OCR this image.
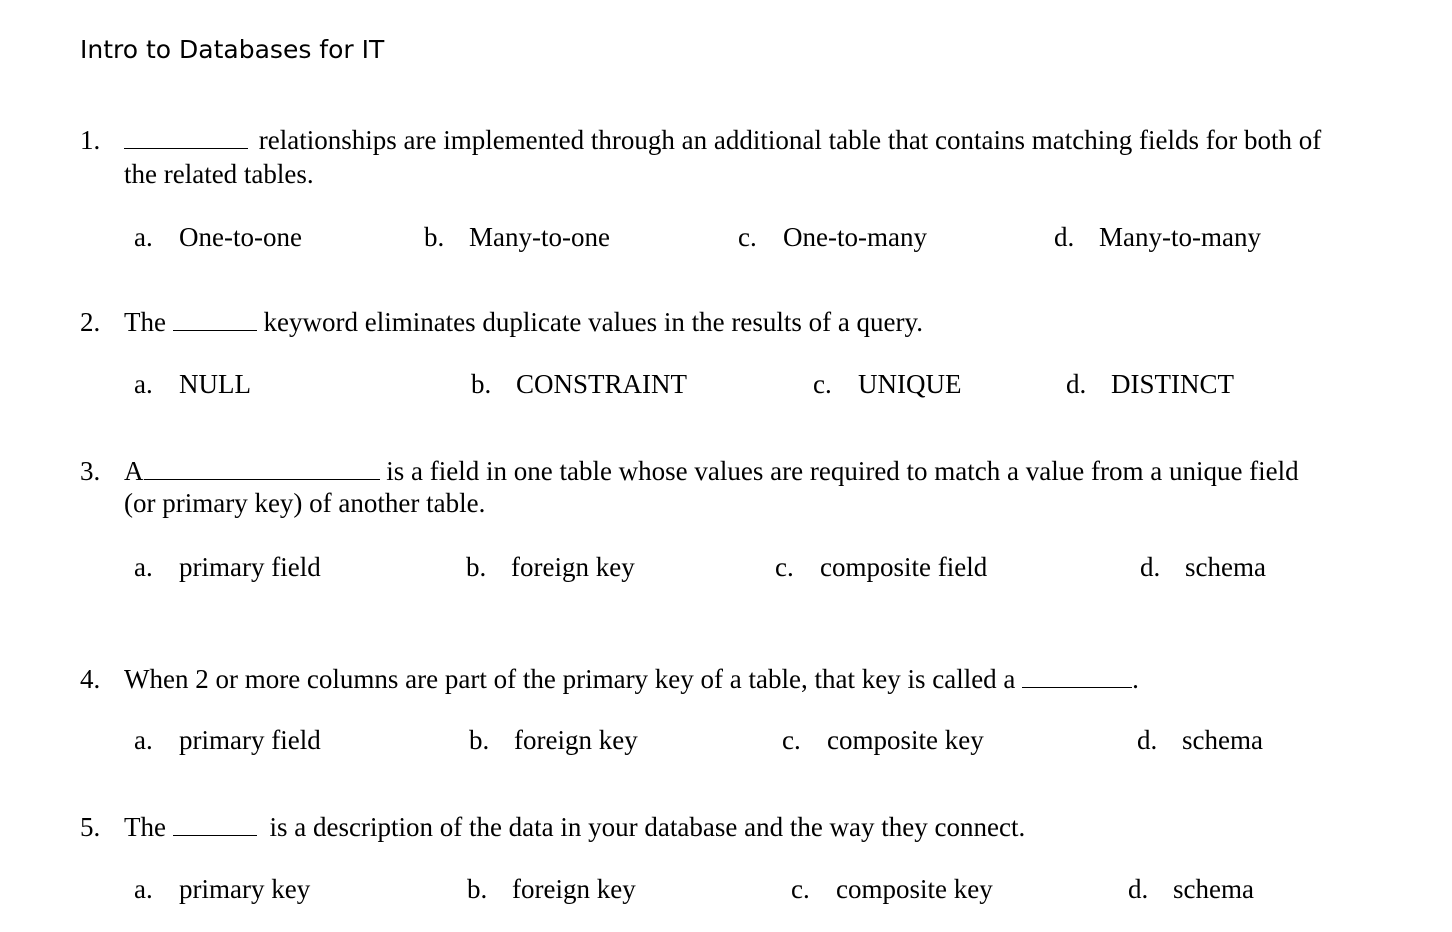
Intro to Databases for IT
1.	relationships are implemented through an additional table that contains matching fields for both of
the related tables.
a. One-to-one	b. Many-to-one	c. One-to-many	d. Many-to-many
2. The	keyword eliminates duplicate values in the results of a query.
a. NULL	b. CONSTRAINT	c. UNIQUE	d. DISTINCT
3. A	is a field in one table whose values are required to match a value from a unique field
(or primary key) of another table.
a. primary field	b. foreign key	c. composite field	d. schema
4. When 2 or more columns are part of the primary key of a table, that key is called a	.
a. primary field	b. foreign key	c. composite key	d. schema
5. The	is a description of the data in your database and the way they connect.
a. primary key	b. foreign key	c. composite key	d. schema
